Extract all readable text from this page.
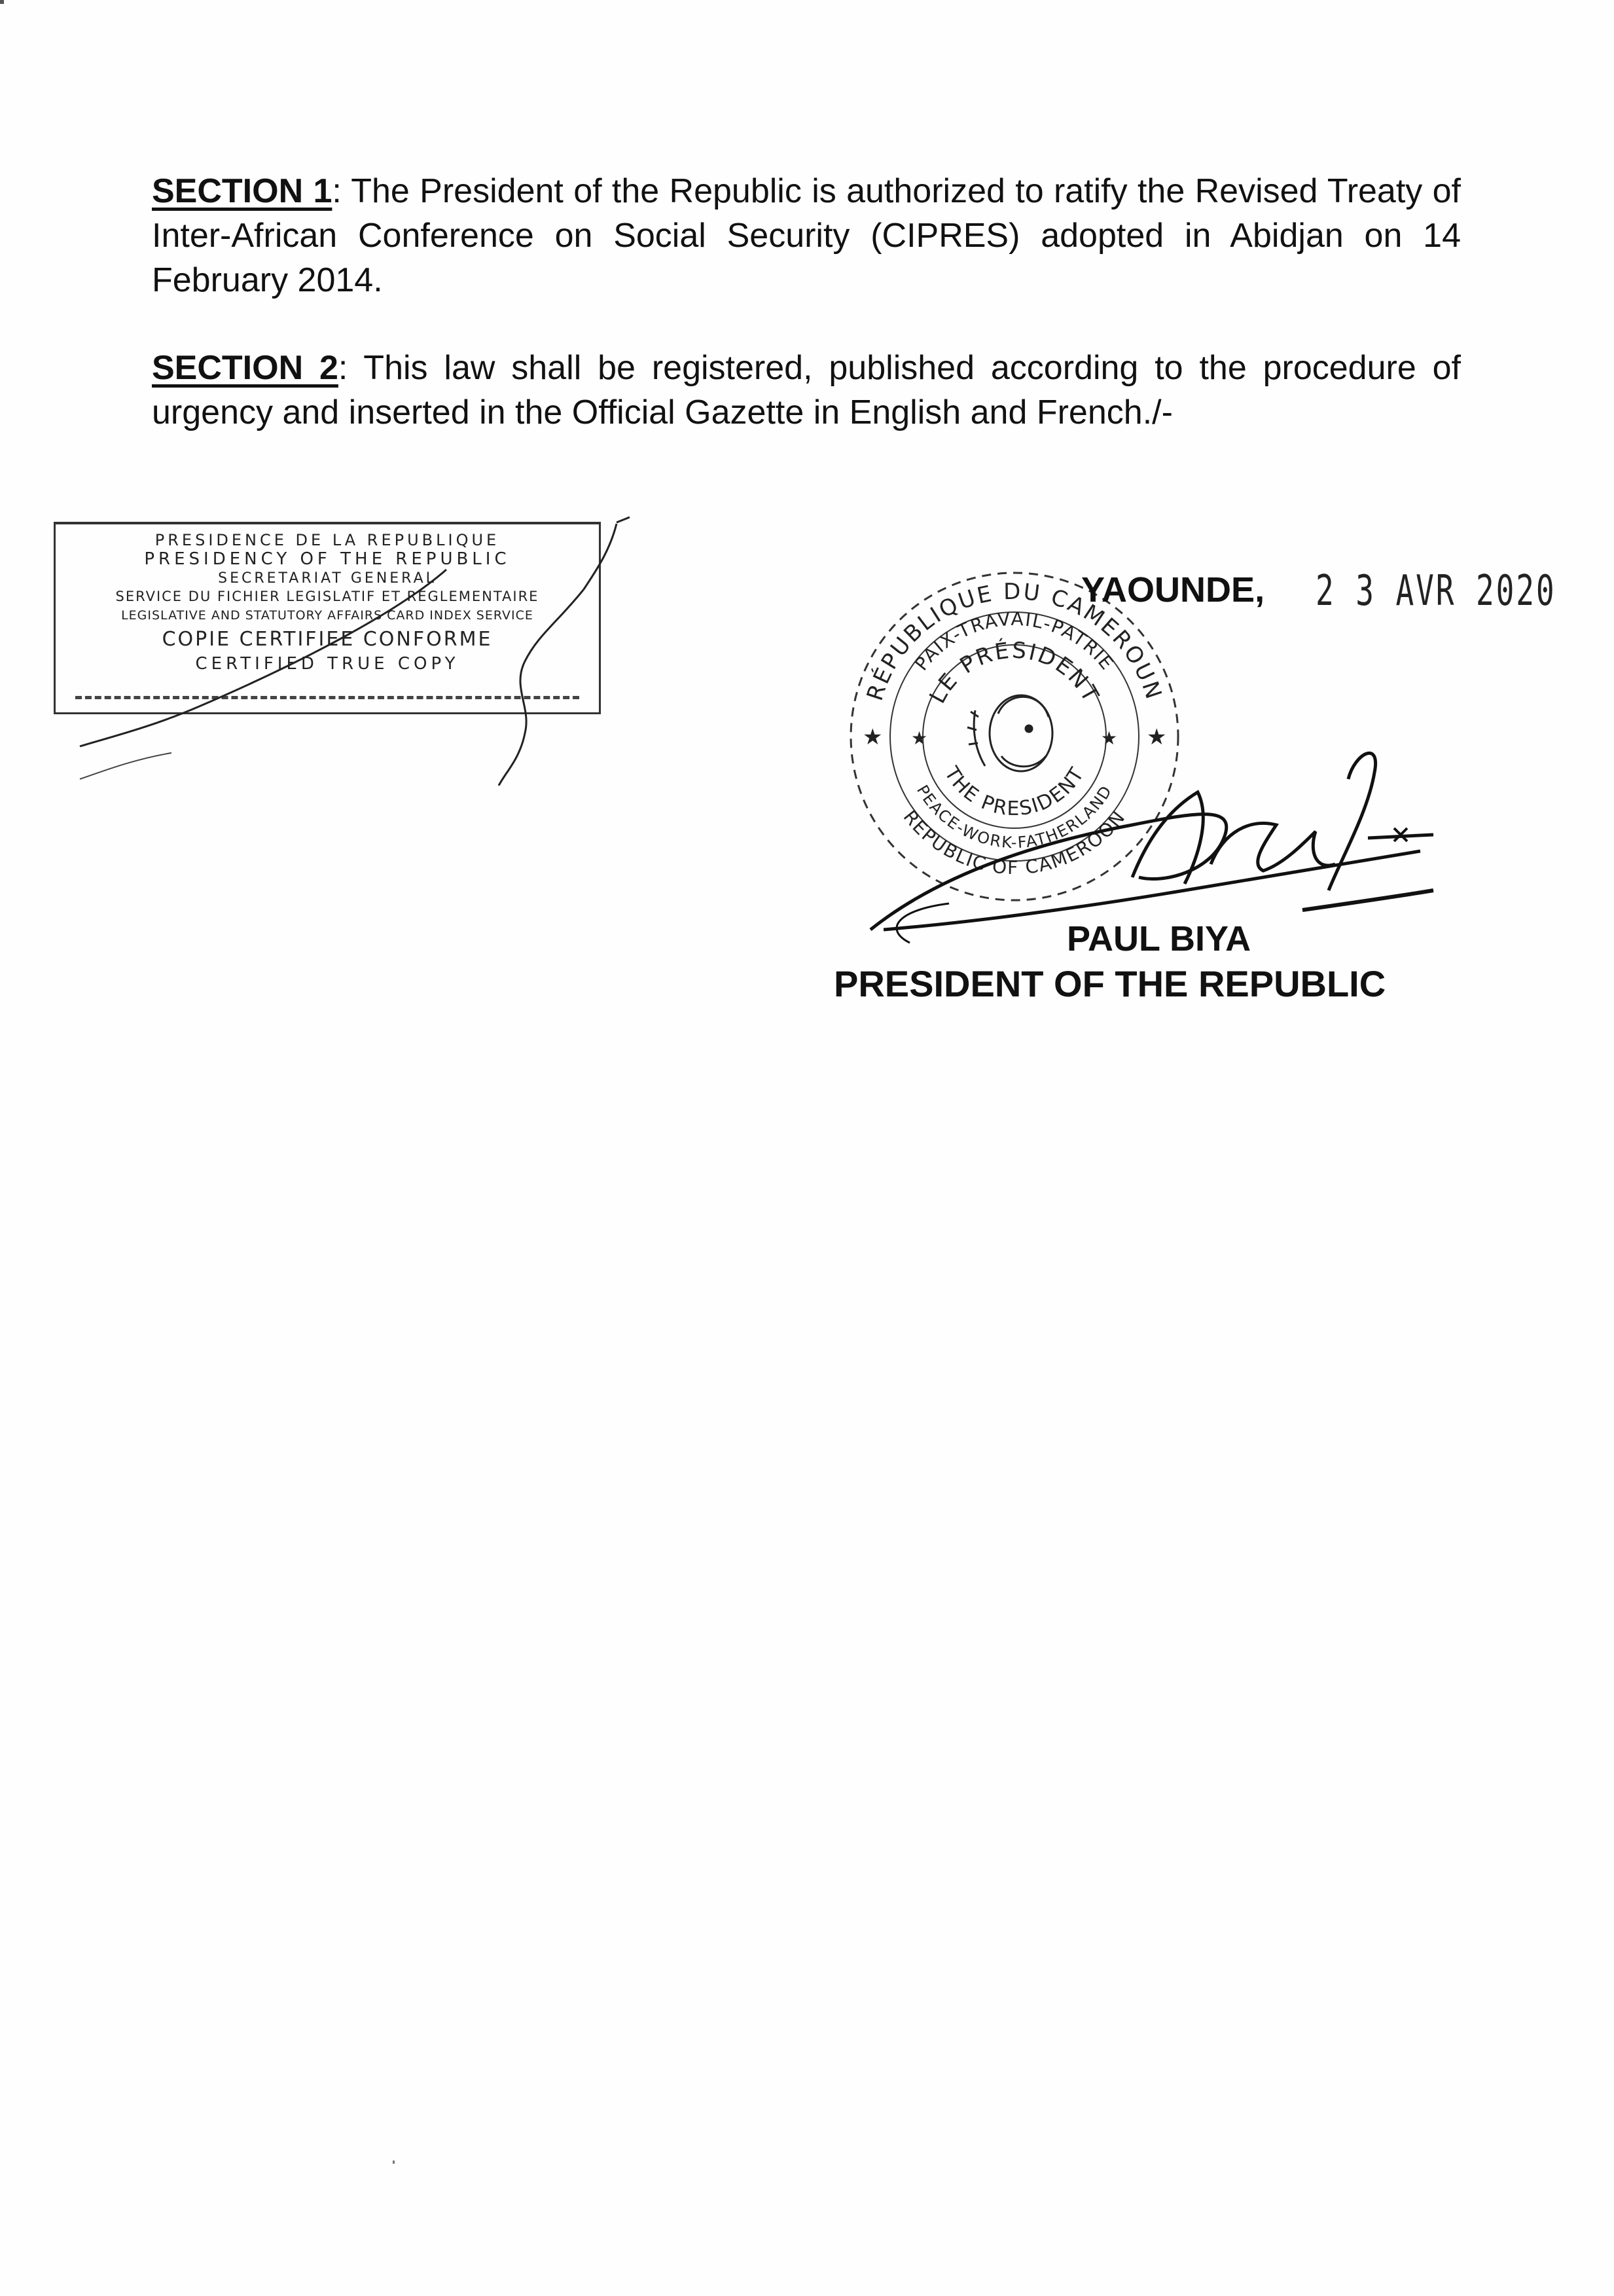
SECTION 1: The President of the Republic is authorized to ratify the Revised Treaty of Inter-African Conference on Social Security (CIPRES) adopted in Abidjan on 14 February 2014.

SECTION 2: This law shall be registered, published according to the procedure of urgency and inserted in the Official Gazette in English and French./-

PRESIDENCE DE LA REPUBLIQUE
PRESIDENCY OF THE REPUBLIC
SECRETARIAT GENERAL
SERVICE DU FICHIER LEGISLATIF ET REGLEMENTAIRE
LEGISLATIVE AND STATUTORY AFFAIRS CARD INDEX SERVICE
COPIE CERTIFIEE CONFORME
CERTIFIED TRUE COPY
RÉPUBLIQUE DU CAMEROUN
PAIX-TRAVAIL-PATRIE
LE PRÉSIDENT
THE PRESIDENT
PEACE-WORK-FATHERLAND
REPUBLIC OF CAMEROON
★ ★	★ ★
YAOUNDE, 2 3 AVR 2020
PAUL BIYA
PRESIDENT OF THE REPUBLIC
